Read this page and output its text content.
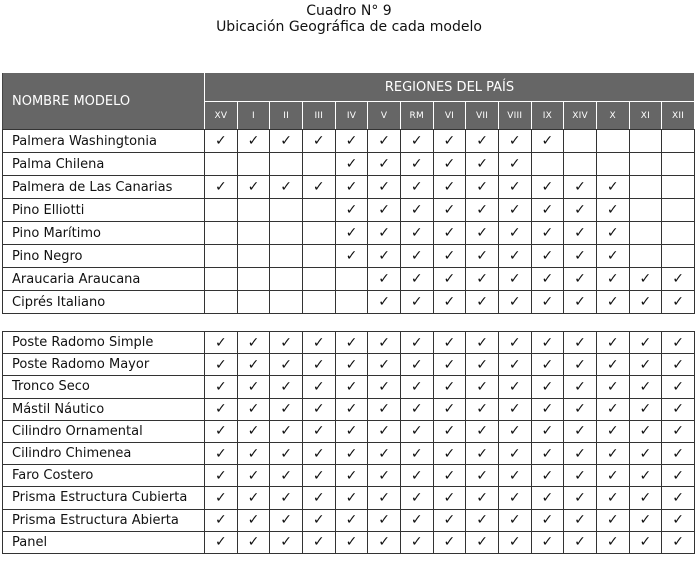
Cuadro N° 9
Ubicación Geográfica de cada modelo
NOMBRE MODELO	REGIONES DEL PAÍS														
	XV	I	II	III	IV	V	RM	VI	VII	VIII	IX	XIV	X	XI	XII
Palmera Washingtonia	✓	✓	✓	✓	✓	✓	✓	✓	✓	✓	✓				
Palma Chilena					✓	✓	✓	✓	✓	✓					
Palmera de Las Canarias	✓	✓	✓	✓	✓	✓	✓	✓	✓	✓	✓	✓	✓		
Pino Elliotti					✓	✓	✓	✓	✓	✓	✓	✓	✓		
Pino Marítimo					✓	✓	✓	✓	✓	✓	✓	✓	✓		
Pino Negro					✓	✓	✓	✓	✓	✓	✓	✓	✓		
Araucaria Araucana						✓	✓	✓	✓	✓	✓	✓	✓	✓	✓
Ciprés Italiano						✓	✓	✓	✓	✓	✓	✓	✓	✓	✓
Poste Radomo Simple	✓	✓	✓	✓	✓	✓	✓	✓	✓	✓	✓	✓	✓	✓	✓
Poste Radomo Mayor	✓	✓	✓	✓	✓	✓	✓	✓	✓	✓	✓	✓	✓	✓	✓
Tronco Seco	✓	✓	✓	✓	✓	✓	✓	✓	✓	✓	✓	✓	✓	✓	✓
Mástil Náutico	✓	✓	✓	✓	✓	✓	✓	✓	✓	✓	✓	✓	✓	✓	✓
Cilindro Ornamental	✓	✓	✓	✓	✓	✓	✓	✓	✓	✓	✓	✓	✓	✓	✓
Cilindro Chimenea	✓	✓	✓	✓	✓	✓	✓	✓	✓	✓	✓	✓	✓	✓	✓
Faro Costero	✓	✓	✓	✓	✓	✓	✓	✓	✓	✓	✓	✓	✓	✓	✓
Prisma Estructura Cubierta	✓	✓	✓	✓	✓	✓	✓	✓	✓	✓	✓	✓	✓	✓	✓
Prisma Estructura Abierta	✓	✓	✓	✓	✓	✓	✓	✓	✓	✓	✓	✓	✓	✓	✓
Panel	✓	✓	✓	✓	✓	✓	✓	✓	✓	✓	✓	✓	✓	✓	✓
